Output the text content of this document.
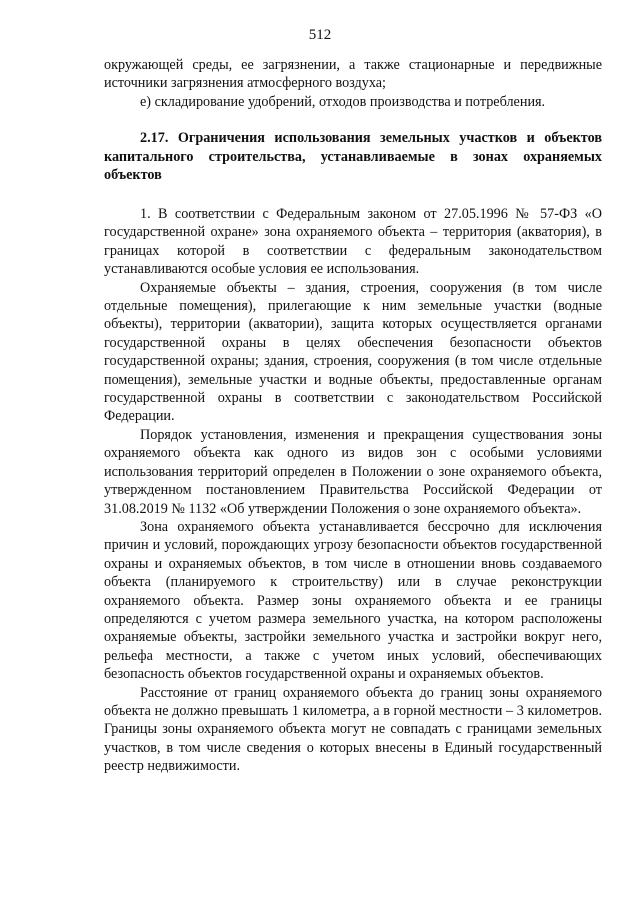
512

окружающей среды, ее загрязнении, а также стационарные и передвижные источники загрязнения атмосферного воздуха;

е) складирование удобрений, отходов производства и потребления.

2.17. Ограничения использования земельных участков и объектов капитального строительства, устанавливаемые в зонах охраняемых объектов

1. В соответствии с Федеральным законом от 27.05.1996 № 57-ФЗ «О государственной охране» зона охраняемого объекта – территория (акватория), в границах которой в соответствии с федеральным законодательством устанавливаются особые условия ее использования.

Охраняемые объекты – здания, строения, сооружения (в том числе отдельные помещения), прилегающие к ним земельные участки (водные объекты), территории (акватории), защита которых осуществляется органами государственной охраны в целях обеспечения безопасности объектов государственной охраны; здания, строения, сооружения (в том числе отдельные помещения), земельные участки и водные объекты, предоставленные органам государственной охраны в соответствии с законодательством Российской Федерации.

Порядок установления, изменения и прекращения существования зоны охраняемого объекта как одного из видов зон с особыми условиями использования территорий определен в Положении о зоне охраняемого объекта, утвержденном постановлением Правительства Российской Федерации от 31.08.2019 № 1132 «Об утверждении Положения о зоне охраняемого объекта».

Зона охраняемого объекта устанавливается бессрочно для исключения причин и условий, порождающих угрозу безопасности объектов государственной охраны и охраняемых объектов, в том числе в отношении вновь создаваемого объекта (планируемого к строительству) или в случае реконструкции охраняемого объекта. Размер зоны охраняемого объекта и ее границы определяются с учетом размера земельного участка, на котором расположены охраняемые объекты, застройки земельного участка и застройки вокруг него, рельефа местности, а также с учетом иных условий, обеспечивающих безопасность объектов государственной охраны и охраняемых объектов.

Расстояние от границ охраняемого объекта до границ зоны охраняемого объекта не должно превышать 1 километра, а в горной местности – 3 километров. Границы зоны охраняемого объекта могут не совпадать с границами земельных участков, в том числе сведения о которых внесены в Единый государственный реестр недвижимости.
